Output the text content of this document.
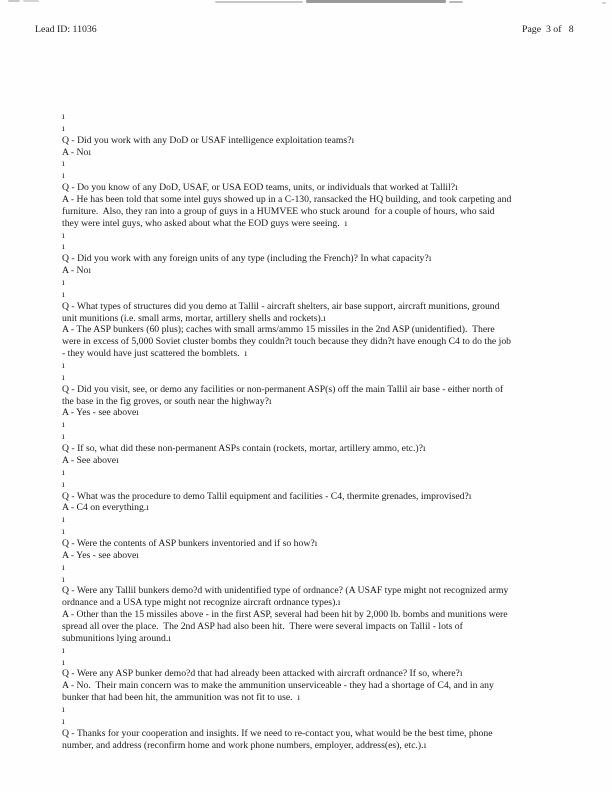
Lead ID: 11036	Page  3 of   8
ı
ı
Q - Did you work with any DoD or USAF intelligence exploitation teams?ı
A - Noı
ı
ı
Q - Do you know of any DoD, USAF, or USA EOD teams, units, or individuals that worked at Tallil?ı
A - He has been told that some intel guys showed up in a C-130, ransacked the HQ building, and took carpeting and
furniture.  Also, they ran into a group of guys in a HUMVEE who stuck around  for a couple of hours, who said
they were intel guys, who asked about what the EOD guys were seeing.  ı
ı
ı
Q - Did you work with any foreign units of any type (including the French)? In what capacity?ı
A - Noı
ı
ı
Q - What types of structures did you demo at Tallil - aircraft shelters, air base support, aircraft munitions, ground
unit munitions (i.e. small arms, mortar, artillery shells and rockets).ı
A - The ASP bunkers (60 plus); caches with small arms/ammo 15 missiles in the 2nd ASP (unidentified).  There
were in excess of 5,000 Soviet cluster bombs they couldn?t touch because they didn?t have enough C4 to do the job
- they would have just scattered the bomblets.  ı
ı
ı
Q - Did you visit, see, or demo any facilities or non-permanent ASP(s) off the main Tallil air base - either north of
the base in the fig groves, or south near the highway?ı
A - Yes - see aboveı
ı
ı
Q - If so, what did these non-permanent ASPs contain (rockets, mortar, artillery ammo, etc.)?ı
A - See aboveı
ı
ı
Q - What was the procedure to demo Tallil equipment and facilities - C4, thermite grenades, improvised?ı
A - C4 on everything.ı
ı
ı
Q - Were the contents of ASP bunkers inventoried and if so how?ı
A - Yes - see aboveı
ı
ı
Q - Were any Tallil bunkers demo?d with unidentified type of ordnance? (A USAF type might not recognized army
ordnance and a USA type might not recognize aircraft ordnance types).ı
A - Other than the 15 missiles above - in the first ASP, several had been hit by 2,000 lb. bombs and munitions were
spread all over the place.  The 2nd ASP had also been hit.  There were several impacts on Tallil - lots of
submunitions lying around.ı
ı
ı
Q - Were any ASP bunker demo?d that had already been attacked with aircraft ordnance? If so, where?ı
A - No.  Their main concern was to make the ammunition unserviceable - they had a shortage of C4, and in any
bunker that had been hit, the ammunition was not fit to use.  ı
ı
ı
Q - Thanks for your cooperation and insights. If we need to re-contact you, what would be the best time, phone
number, and address (reconfirm home and work phone numbers, employer, address(es), etc.).ı
